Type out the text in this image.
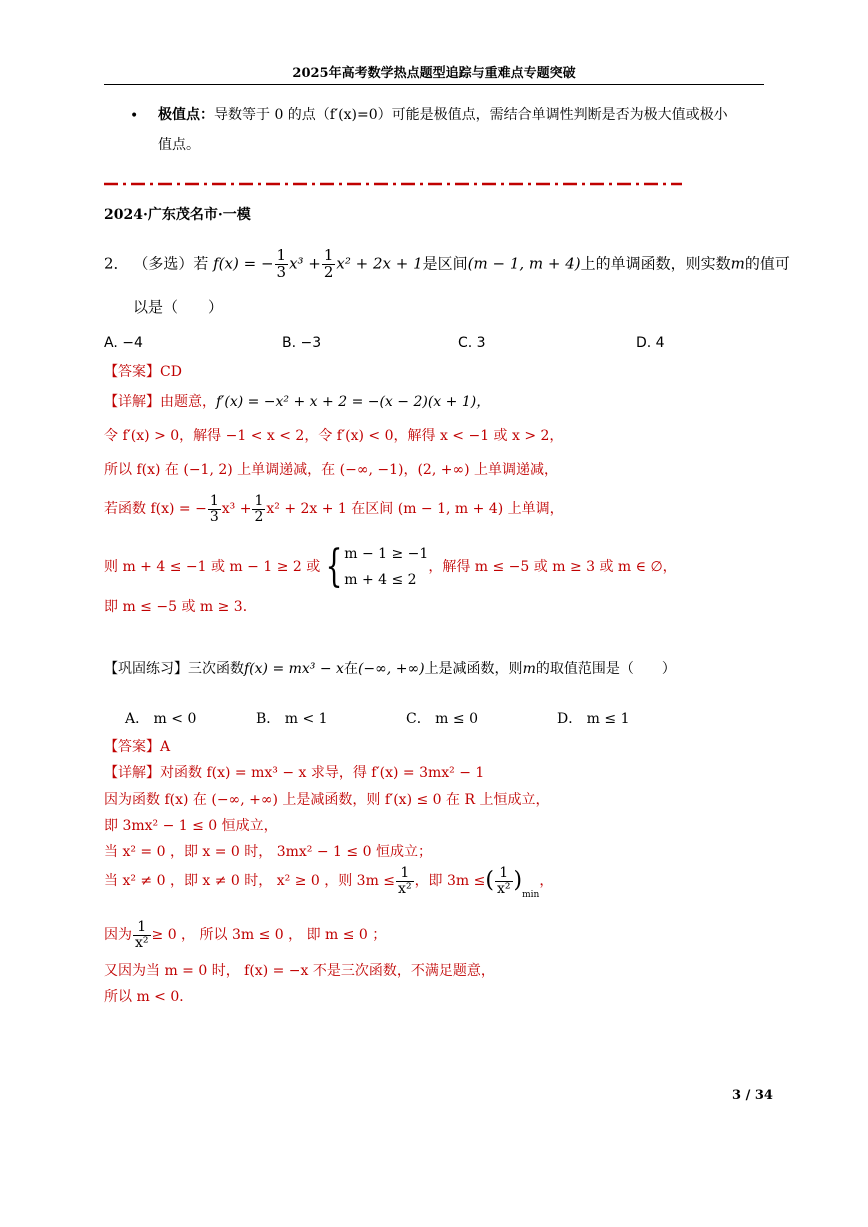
2025年高考数学热点题型追踪与重难点专题突破
• 极值点：导数等于 0 的点（f′(x)=0）可能是极值点，需结合单调性判断是否为极大值或极小
值点。
2024·广东茂名市·一模
2． （多选）若 f(x) = − $\frac{1}{3} x^3 + \frac{1}{2} x^2 + 2x + 1$是区间(m − 1, m + 4)上的单调函数，则实数m的值可
以是（　　）
A. −4	B. −3	C. 3	D. 4
【答案】CD
【详解】由题意，f′(x) = −x² + x + 2 = −(x − 2)(x + 1)，
令 f′(x) > 0，解得 −1 < x < 2，令 f′(x) < 0，解得 x < −1 或 x > 2，
所以 f(x) 在 (−1, 2) 上单调递减，在 (−∞, −1)，(2, +∞) 上单调递减，
若函数 f(x) = − $\frac{1}{3} x^3 + \frac{1}{2} x^2 + 2x + 1$ 在区间 (m − 1, m + 4) 上单调，
则 m + 4 ≤ −1 或 m − 1 ≥ 2 或 { m − 1 ≥ −1
m + 4 ≤ 2
，解得 m ≤ −5 或 m ≥ 3 或 m ∈ ∅，
即 m ≤ −5 或 m ≥ 3．
【巩固练习】三次函数f(x) = mx³ − x在(−∞, +∞)上是减函数，则m的取值范围是（　　）
A． m < 0	B． m < 1	C． m ≤ 0	D． m ≤ 1
【答案】A
【详解】对函数 f(x) = mx³ − x 求导，得 f′(x) = 3mx² − 1
因为函数 f(x) 在 (−∞, +∞) 上是减函数，则 f′(x) ≤ 0 在 R 上恒成立，
即 3mx² − 1 ≤ 0 恒成立，
当 x² = 0 ，即 x = 0 时， 3mx² − 1 ≤ 0 恒成立；
当 x² ≠ 0 ，即 x ≠ 0 时， x² ≥ 0 ，则 $3m \le \frac{1}{\text{x²}}$ ，即 3m ≤( $\frac{1}{\text{x²}} )_{min}$，
因为 $\frac{1}{\text{x²}} \ge 0$ ， 所以 3m ≤ 0 ， 即 m ≤ 0 ；
又因为当 m = 0 时， f(x) = −x 不是三次函数，不满足题意，
所以 m < 0．
3 / 34
